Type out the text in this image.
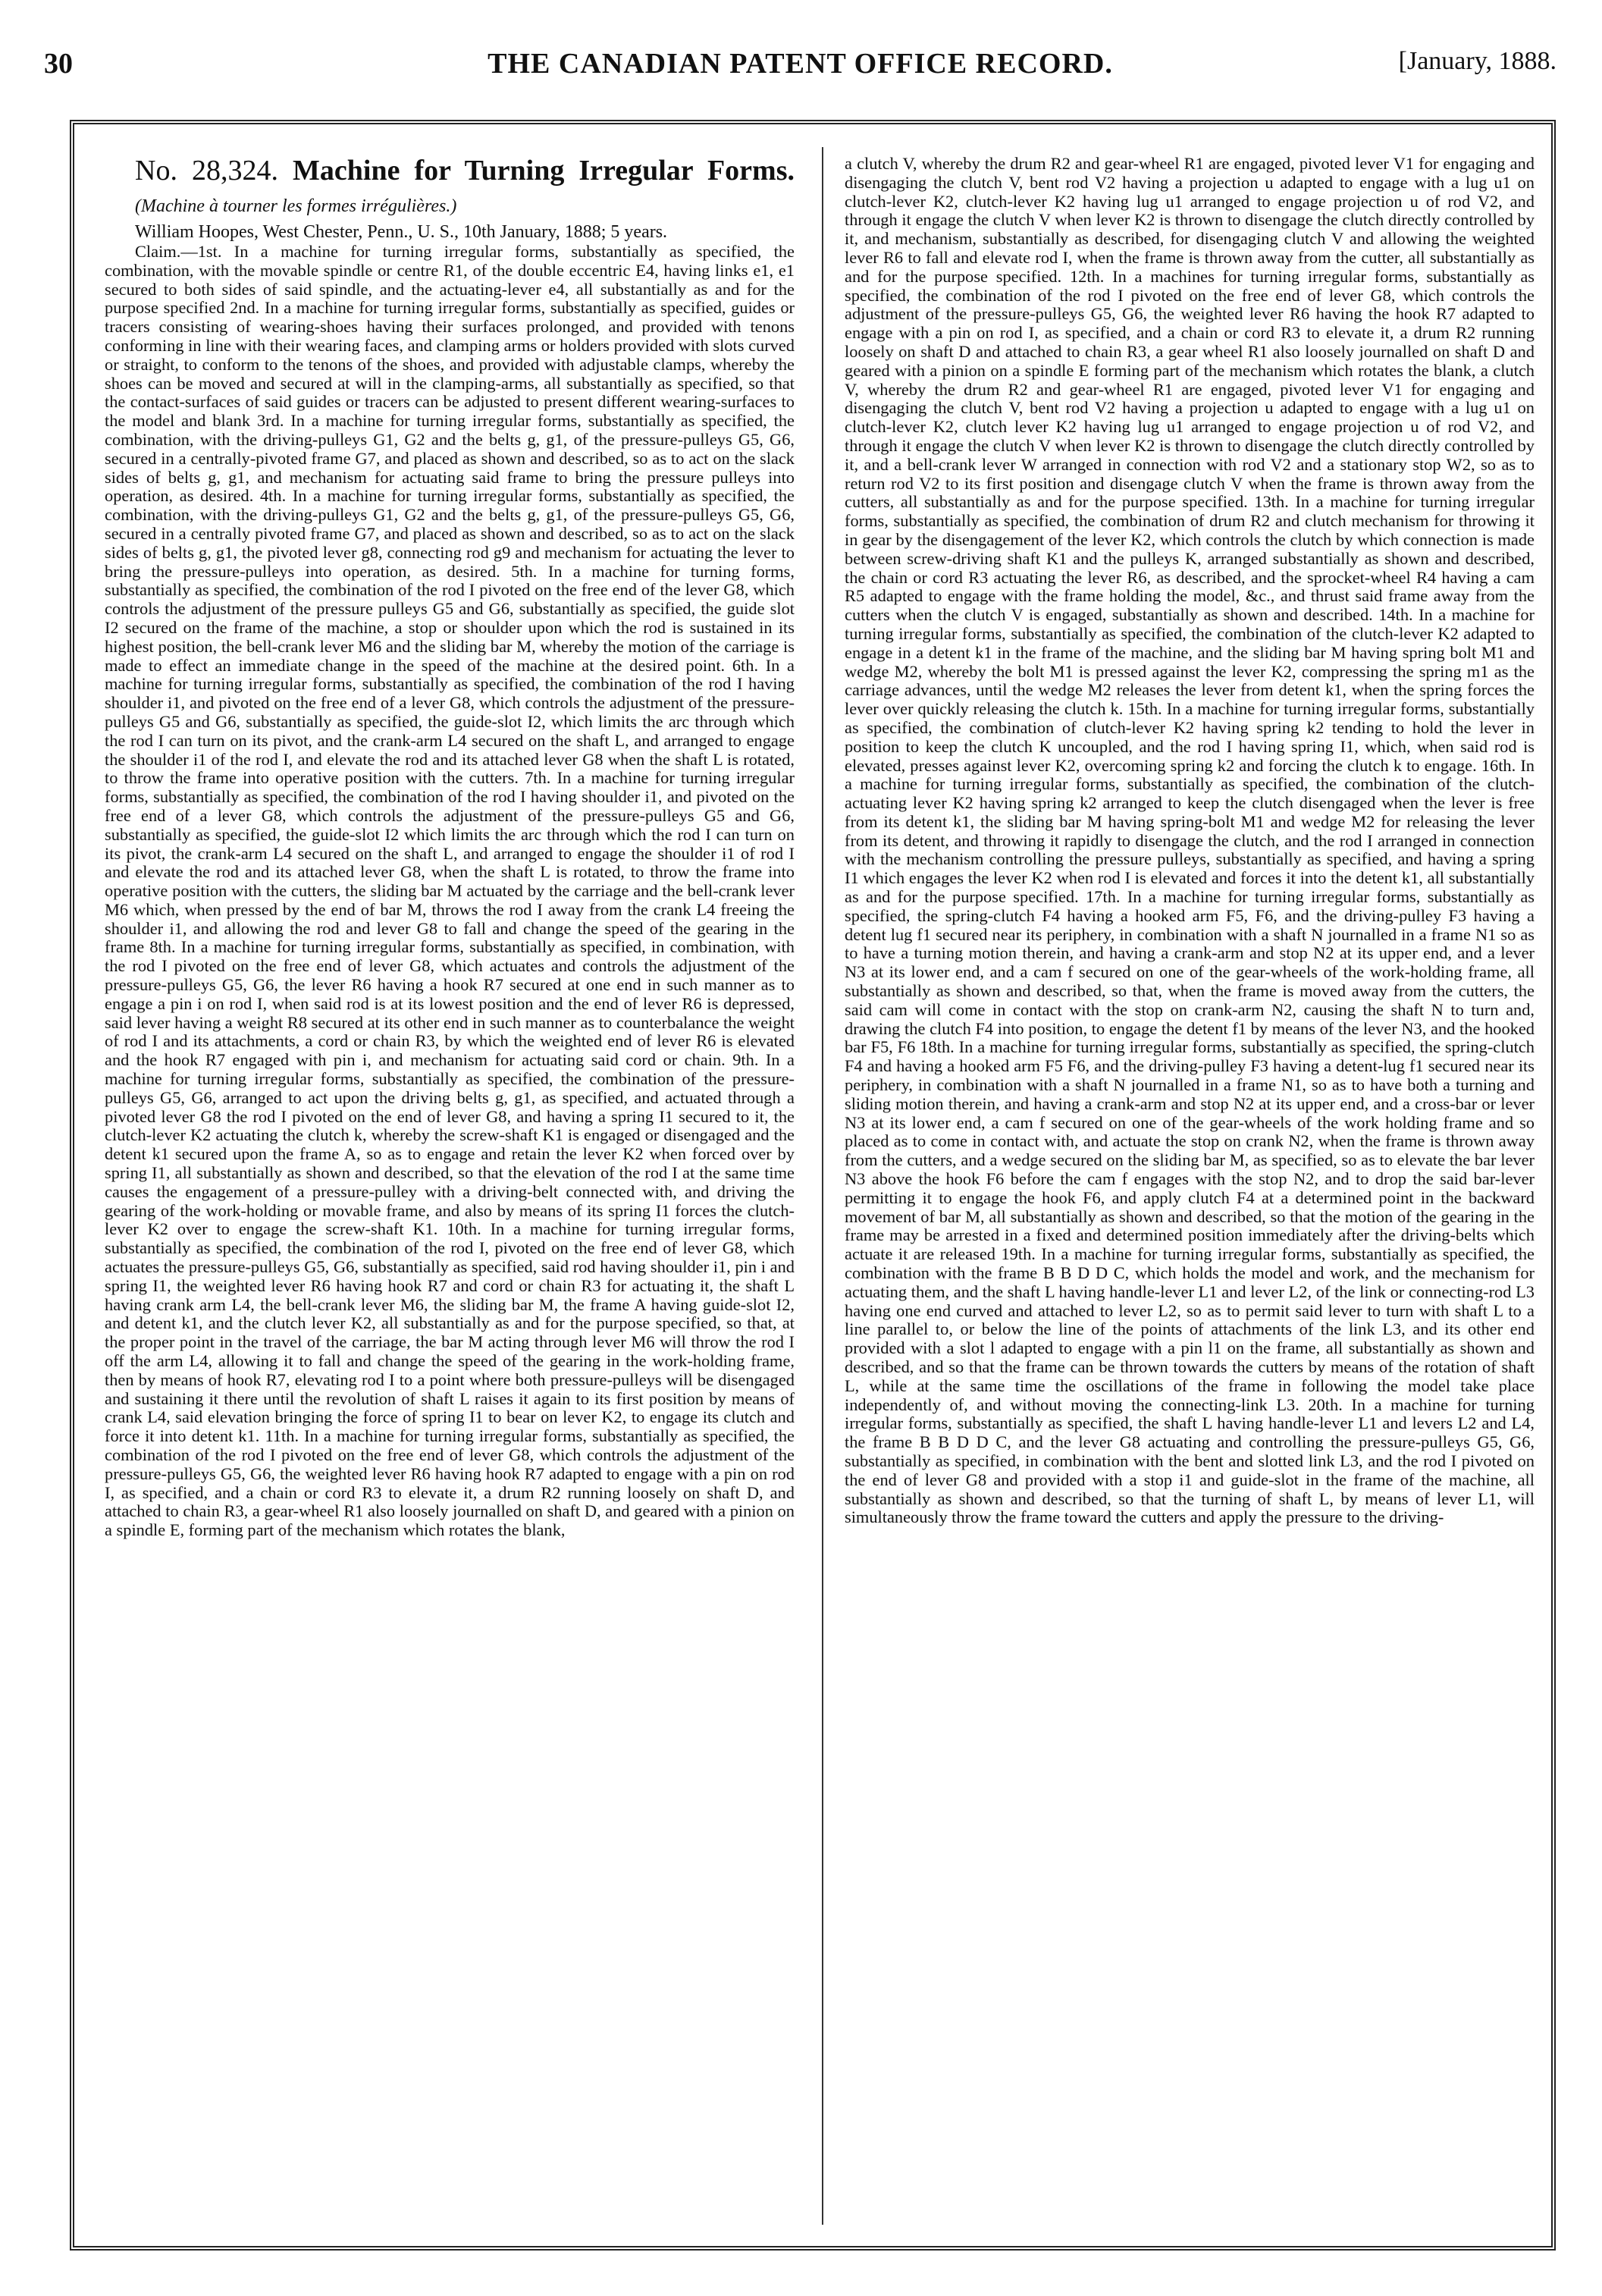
30	THE CANADIAN PATENT OFFICE RECORD.	[January, 1888.

No. 28,324. Machine for Turning Irregular Forms. (Machine à tourner les formes irrégulières.)

William Hoopes, West Chester, Penn., U. S., 10th January, 1888; 5 years.

Claim.—1st. In a machine for turning irregular forms, substantially as specified, the combination, with the movable spindle or centre R1, of the double eccentric E4, having links e1, e1 secured to both sides of said spindle, and the actuating-lever e4, all substantially as and for the purpose specified 2nd. In a machine for turning irregular forms, substantially as specified, guides or tracers consisting of wearing-shoes having their surfaces prolonged, and provided with tenons conforming in line with their wearing faces, and clamping arms or holders provided with slots curved or straight, to conform to the tenons of the shoes, and provided with adjustable clamps, whereby the shoes can be moved and secured at will in the clamping-arms, all substantially as specified, so that the contact-surfaces of said guides or tracers can be adjusted to present different wearing-surfaces to the model and blank 3rd. In a machine for turning irregular forms, substantially as specified, the combination, with the driving-pulleys G1, G2 and the belts g, g1, of the pressure-pulleys G5, G6, secured in a centrally-pivoted frame G7, and placed as shown and described, so as to act on the slack sides of belts g, g1, and mechanism for actuating said frame to bring the pressure pulleys into operation, as desired. 4th. In a machine for turning irregular forms, substantially as specified, the combination, with the driving-pulleys G1, G2 and the belts g, g1, of the pressure-pulleys G5, G6, secured in a centrally pivoted frame G7, and placed as shown and described, so as to act on the slack sides of belts g, g1, the pivoted lever g8, connecting rod g9 and mechanism for actuating the lever to bring the pressure-pulleys into operation, as desired. 5th. In a machine for turning forms, substantially as specified, the combination of the rod I pivoted on the free end of the lever G8, which controls the adjustment of the pressure pulleys G5 and G6, substantially as specified, the guide slot I2 secured on the frame of the machine, a stop or shoulder upon which the rod is sustained in its highest position, the bell-crank lever M6 and the sliding bar M, whereby the motion of the carriage is made to effect an immediate change in the speed of the machine at the desired point. 6th. In a machine for turning irregular forms, substantially as specified, the combination of the rod I having shoulder i1, and pivoted on the free end of a lever G8, which controls the adjustment of the pressure-pulleys G5 and G6, substantially as specified, the guide-slot I2, which limits the arc through which the rod I can turn on its pivot, and the crank-arm L4 secured on the shaft L, and arranged to engage the shoulder i1 of the rod I, and elevate the rod and its attached lever G8 when the shaft L is rotated, to throw the frame into operative position with the cutters. 7th. In a machine for turning irregular forms, substantially as specified, the combination of the rod I having shoulder i1, and pivoted on the free end of a lever G8, which controls the adjustment of the pressure-pulleys G5 and G6, substantially as specified, the guide-slot I2 which limits the arc through which the rod I can turn on its pivot, the crank-arm L4 secured on the shaft L, and arranged to engage the shoulder i1 of rod I and elevate the rod and its attached lever G8, when the shaft L is rotated, to throw the frame into operative position with the cutters, the sliding bar M actuated by the carriage and the bell-crank lever M6 which, when pressed by the end of bar M, throws the rod I away from the crank L4 freeing the shoulder i1, and allowing the rod and lever G8 to fall and change the speed of the gearing in the frame 8th. In a machine for turning irregular forms, substantially as specified, in combination, with the rod I pivoted on the free end of lever G8, which actuates and controls the adjustment of the pressure-pulleys G5, G6, the lever R6 having a hook R7 secured at one end in such manner as to engage a pin i on rod I, when said rod is at its lowest position and the end of lever R6 is depressed, said lever having a weight R8 secured at its other end in such manner as to counterbalance the weight of rod I and its attachments, a cord or chain R3, by which the weighted end of lever R6 is elevated and the hook R7 engaged with pin i, and mechanism for actuating said cord or chain. 9th. In a machine for turning irregular forms, substantially as specified, the combination of the pressure-pulleys G5, G6, arranged to act upon the driving belts g, g1, as specified, and actuated through a pivoted lever G8 the rod I pivoted on the end of lever G8, and having a spring I1 secured to it, the clutch-lever K2 actuating the clutch k, whereby the screw-shaft K1 is engaged or disengaged and the detent k1 secured upon the frame A, so as to engage and retain the lever K2 when forced over by spring I1, all substantially as shown and described, so that the elevation of the rod I at the same time causes the engagement of a pressure-pulley with a driving-belt connected with, and driving the gearing of the work-holding or movable frame, and also by means of its spring I1 forces the clutch-lever K2 over to engage the screw-shaft K1. 10th. In a machine for turning irregular forms, substantially as specified, the combination of the rod I, pivoted on the free end of lever G8, which actuates the pressure-pulleys G5, G6, substantially as specified, said rod having shoulder i1, pin i and spring I1, the weighted lever R6 having hook R7 and cord or chain R3 for actuating it, the shaft L having crank arm L4, the bell-crank lever M6, the sliding bar M, the frame A having guide-slot I2, and detent k1, and the clutch lever K2, all substantially as and for the purpose specified, so that, at the proper point in the travel of the carriage, the bar M acting through lever M6 will throw the rod I off the arm L4, allowing it to fall and change the speed of the gearing in the work-holding frame, then by means of hook R7, elevating rod I to a point where both pressure-pulleys will be disengaged and sustaining it there until the revolution of shaft L raises it again to its first position by means of crank L4, said elevation bringing the force of spring I1 to bear on lever K2, to engage its clutch and force it into detent k1. 11th. In a machine for turning irregular forms, substantially as specified, the combination of the rod I pivoted on the free end of lever G8, which controls the adjustment of the pressure-pulleys G5, G6, the weighted lever R6 having hook R7 adapted to engage with a pin on rod I, as specified, and a chain or cord R3 to elevate it, a drum R2 running loosely on shaft D, and attached to chain R3, a gear-wheel R1 also loosely journalled on shaft D, and geared with a pinion on a spindle E, forming part of the mechanism which rotates the blank,

a clutch V, whereby the drum R2 and gear-wheel R1 are engaged, pivoted lever V1 for engaging and disengaging the clutch V, bent rod V2 having a projection u adapted to engage with a lug u1 on clutch-lever K2, clutch-lever K2 having lug u1 arranged to engage projection u of rod V2, and through it engage the clutch V when lever K2 is thrown to disengage the clutch directly controlled by it, and mechanism, substantially as described, for disengaging clutch V and allowing the weighted lever R6 to fall and elevate rod I, when the frame is thrown away from the cutter, all substantially as and for the purpose specified. 12th. In a machines for turning irregular forms, substantially as specified, the combination of the rod I pivoted on the free end of lever G8, which controls the adjustment of the pressure-pulleys G5, G6, the weighted lever R6 having the hook R7 adapted to engage with a pin on rod I, as specified, and a chain or cord R3 to elevate it, a drum R2 running loosely on shaft D and attached to chain R3, a gear wheel R1 also loosely journalled on shaft D and geared with a pinion on a spindle E forming part of the mechanism which rotates the blank, a clutch V, whereby the drum R2 and gear-wheel R1 are engaged, pivoted lever V1 for engaging and disengaging the clutch V, bent rod V2 having a projection u adapted to engage with a lug u1 on clutch-lever K2, clutch lever K2 having lug u1 arranged to engage projection u of rod V2, and through it engage the clutch V when lever K2 is thrown to disengage the clutch directly controlled by it, and a bell-crank lever W arranged in connection with rod V2 and a stationary stop W2, so as to return rod V2 to its first position and disengage clutch V when the frame is thrown away from the cutters, all substantially as and for the purpose specified. 13th. In a machine for turning irregular forms, substantially as specified, the combination of drum R2 and clutch mechanism for throwing it in gear by the disengagement of the lever K2, which controls the clutch by which connection is made between screw-driving shaft K1 and the pulleys K, arranged substantially as shown and described, the chain or cord R3 actuating the lever R6, as described, and the sprocket-wheel R4 having a cam R5 adapted to engage with the frame holding the model, &c., and thrust said frame away from the cutters when the clutch V is engaged, substantially as shown and described. 14th. In a machine for turning irregular forms, substantially as specified, the combination of the clutch-lever K2 adapted to engage in a detent k1 in the frame of the machine, and the sliding bar M having spring bolt M1 and wedge M2, whereby the bolt M1 is pressed against the lever K2, compressing the spring m1 as the carriage advances, until the wedge M2 releases the lever from detent k1, when the spring forces the lever over quickly releasing the clutch k. 15th. In a machine for turning irregular forms, substantially as specified, the combination of clutch-lever K2 having spring k2 tending to hold the lever in position to keep the clutch K uncoupled, and the rod I having spring I1, which, when said rod is elevated, presses against lever K2, overcoming spring k2 and forcing the clutch k to engage. 16th. In a machine for turning irregular forms, substantially as specified, the combination of the clutch-actuating lever K2 having spring k2 arranged to keep the clutch disengaged when the lever is free from its detent k1, the sliding bar M having spring-bolt M1 and wedge M2 for releasing the lever from its detent, and throwing it rapidly to disengage the clutch, and the rod I arranged in connection with the mechanism controlling the pressure pulleys, substantially as specified, and having a spring I1 which engages the lever K2 when rod I is elevated and forces it into the detent k1, all substantially as and for the purpose specified. 17th. In a machine for turning irregular forms, substantially as specified, the spring-clutch F4 having a hooked arm F5, F6, and the driving-pulley F3 having a detent lug f1 secured near its periphery, in combination with a shaft N journalled in a frame N1 so as to have a turning motion therein, and having a crank-arm and stop N2 at its upper end, and a lever N3 at its lower end, and a cam f secured on one of the gear-wheels of the work-holding frame, all substantially as shown and described, so that, when the frame is moved away from the cutters, the said cam will come in contact with the stop on crank-arm N2, causing the shaft N to turn and, drawing the clutch F4 into position, to engage the detent f1 by means of the lever N3, and the hooked bar F5, F6 18th. In a machine for turning irregular forms, substantially as specified, the spring-clutch F4 and having a hooked arm F5 F6, and the driving-pulley F3 having a detent-lug f1 secured near its periphery, in combination with a shaft N journalled in a frame N1, so as to have both a turning and sliding motion therein, and having a crank-arm and stop N2 at its upper end, and a cross-bar or lever N3 at its lower end, a cam f secured on one of the gear-wheels of the work holding frame and so placed as to come in contact with, and actuate the stop on crank N2, when the frame is thrown away from the cutters, and a wedge secured on the sliding bar M, as specified, so as to elevate the bar lever N3 above the hook F6 before the cam f engages with the stop N2, and to drop the said bar-lever permitting it to engage the hook F6, and apply clutch F4 at a determined point in the backward movement of bar M, all substantially as shown and described, so that the motion of the gearing in the frame may be arrested in a fixed and determined position immediately after the driving-belts which actuate it are released 19th. In a machine for turning irregular forms, substantially as specified, the combination with the frame B B D D C, which holds the model and work, and the mechanism for actuating them, and the shaft L having handle-lever L1 and lever L2, of the link or connecting-rod L3 having one end curved and attached to lever L2, so as to permit said lever to turn with shaft L to a line parallel to, or below the line of the points of attachments of the link L3, and its other end provided with a slot l adapted to engage with a pin l1 on the frame, all substantially as shown and described, and so that the frame can be thrown towards the cutters by means of the rotation of shaft L, while at the same time the oscillations of the frame in following the model take place independently of, and without moving the connecting-link L3. 20th. In a machine for turning irregular forms, substantially as specified, the shaft L having handle-lever L1 and levers L2 and L4, the frame B B D D C, and the lever G8 actuating and controlling the pressure-pulleys G5, G6, substantially as specified, in combination with the bent and slotted link L3, and the rod I pivoted on the end of lever G8 and provided with a stop i1 and guide-slot in the frame of the machine, all substantially as shown and described, so that the turning of shaft L, by means of lever L1, will simultaneously throw the frame toward the cutters and apply the pressure to the driving-
